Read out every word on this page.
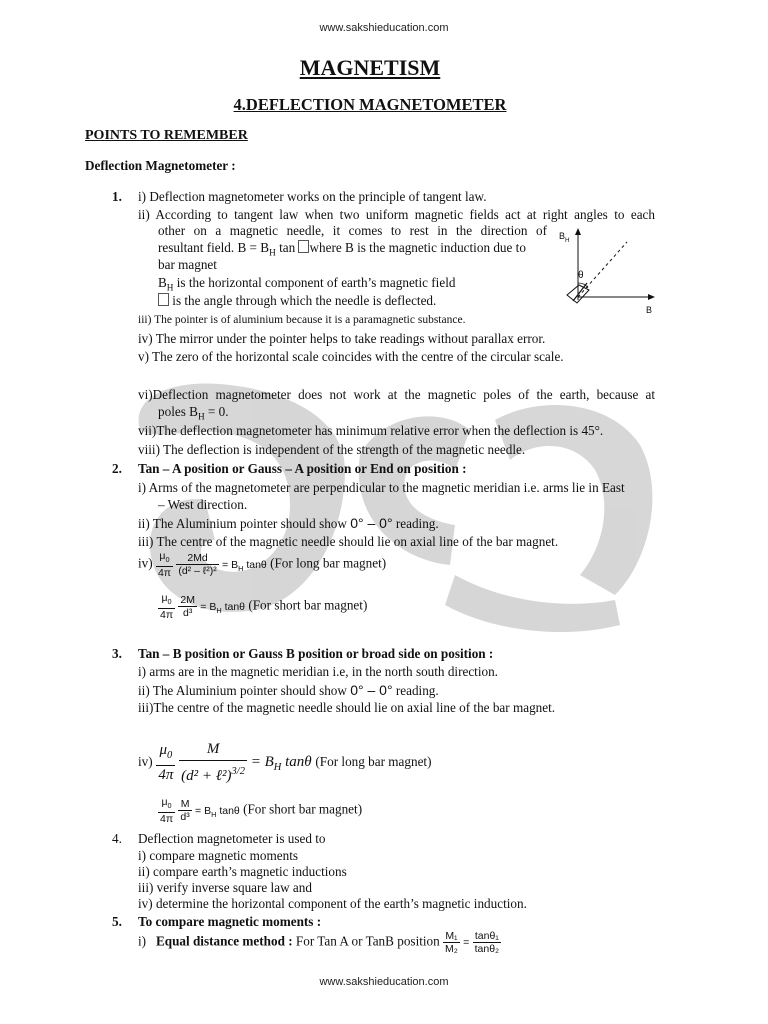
www.sakshieducation.com
MAGNETISM
4.DEFLECTION MAGNETOMETER
POINTS TO REMEMBER
Deflection Magnetometer :
1. i) Deflection magnetometer works on the principle of tangent law.
ii) According to tangent law when two uniform magnetic fields act at right angles to each
other on a magnetic needle, it comes to rest in the direction of
resultant field. $B = B_H$ tan where B is the magnetic induction due to
bar magnet
$B_H$ is the horizontal component of earth’s magnetic field
is the angle through which the needle is deflected.
iii) The pointer is of aluminium because it is a paramagnetic substance.
iv) The mirror under the pointer helps to take readings without parallax error.
v) The zero of the horizontal scale coincides with the centre of the circular scale.
vi)Deflection magnetometer does not work at the magnetic poles of the earth, because at
poles $B_H = 0$.
vii)The deflection magnetometer has minimum relative error when the deflection is 45°.
viii) The deflection is independent of the strength of the magnetic needle.
$B_H$
θ
B
2. Tan – A position or Gauss – A position or End on position :
i) Arms of the magnetometer are perpendicular to the magnetic meridian i.e. arms lie in East
– West direction.
ii) The Aluminium pointer should show 0° – 0° reading.
iii) The centre of the magnetic needle should lie on axial line of the bar magnet.
$iv) \frac{\mu_0}{4\pi}$
$\frac{2Md}{\text{(d² – ℓ²)²}} = B_H$ tanθ (For long bar magnet)
$\frac{\mu_0}{4\pi}$
$\frac{2M}{\text{d³}} = B_H$ tanθ (For short bar magnet)
3. Tan – B position or Gauss B position or broad side on position :
i) arms are in the magnetic meridian i.e, in the north south direction.
ii) The Aluminium pointer should show 0° – 0° reading.
iii)The centre of the magnetic needle should lie on axial line of the bar magnet.
$iv) \frac{\mu_0}{4\pi}$
$\frac{M}{(d^2 + \ell^2)^{3/2}} = B_H$ tanθ (For long bar magnet)
$\frac{\mu_0}{4\pi}$
$\frac{M}{\text{d³}} = B_H$ tanθ (For short bar magnet)
4. Deflection magnetometer is used to
i) compare magnetic moments
ii) compare earth’s magnetic inductions
iii) verify inverse square law and
iv) determine the horizontal component of the earth’s magnetic induction.
5. To compare magnetic moments :
i) Equal distance method : For Tan A or TanB position $\frac{\text{M₁}}{\text{M₂}} = \frac{\text{tanθ₁}}{\text{tanθ₂}}$
www.sakshieducation.com
